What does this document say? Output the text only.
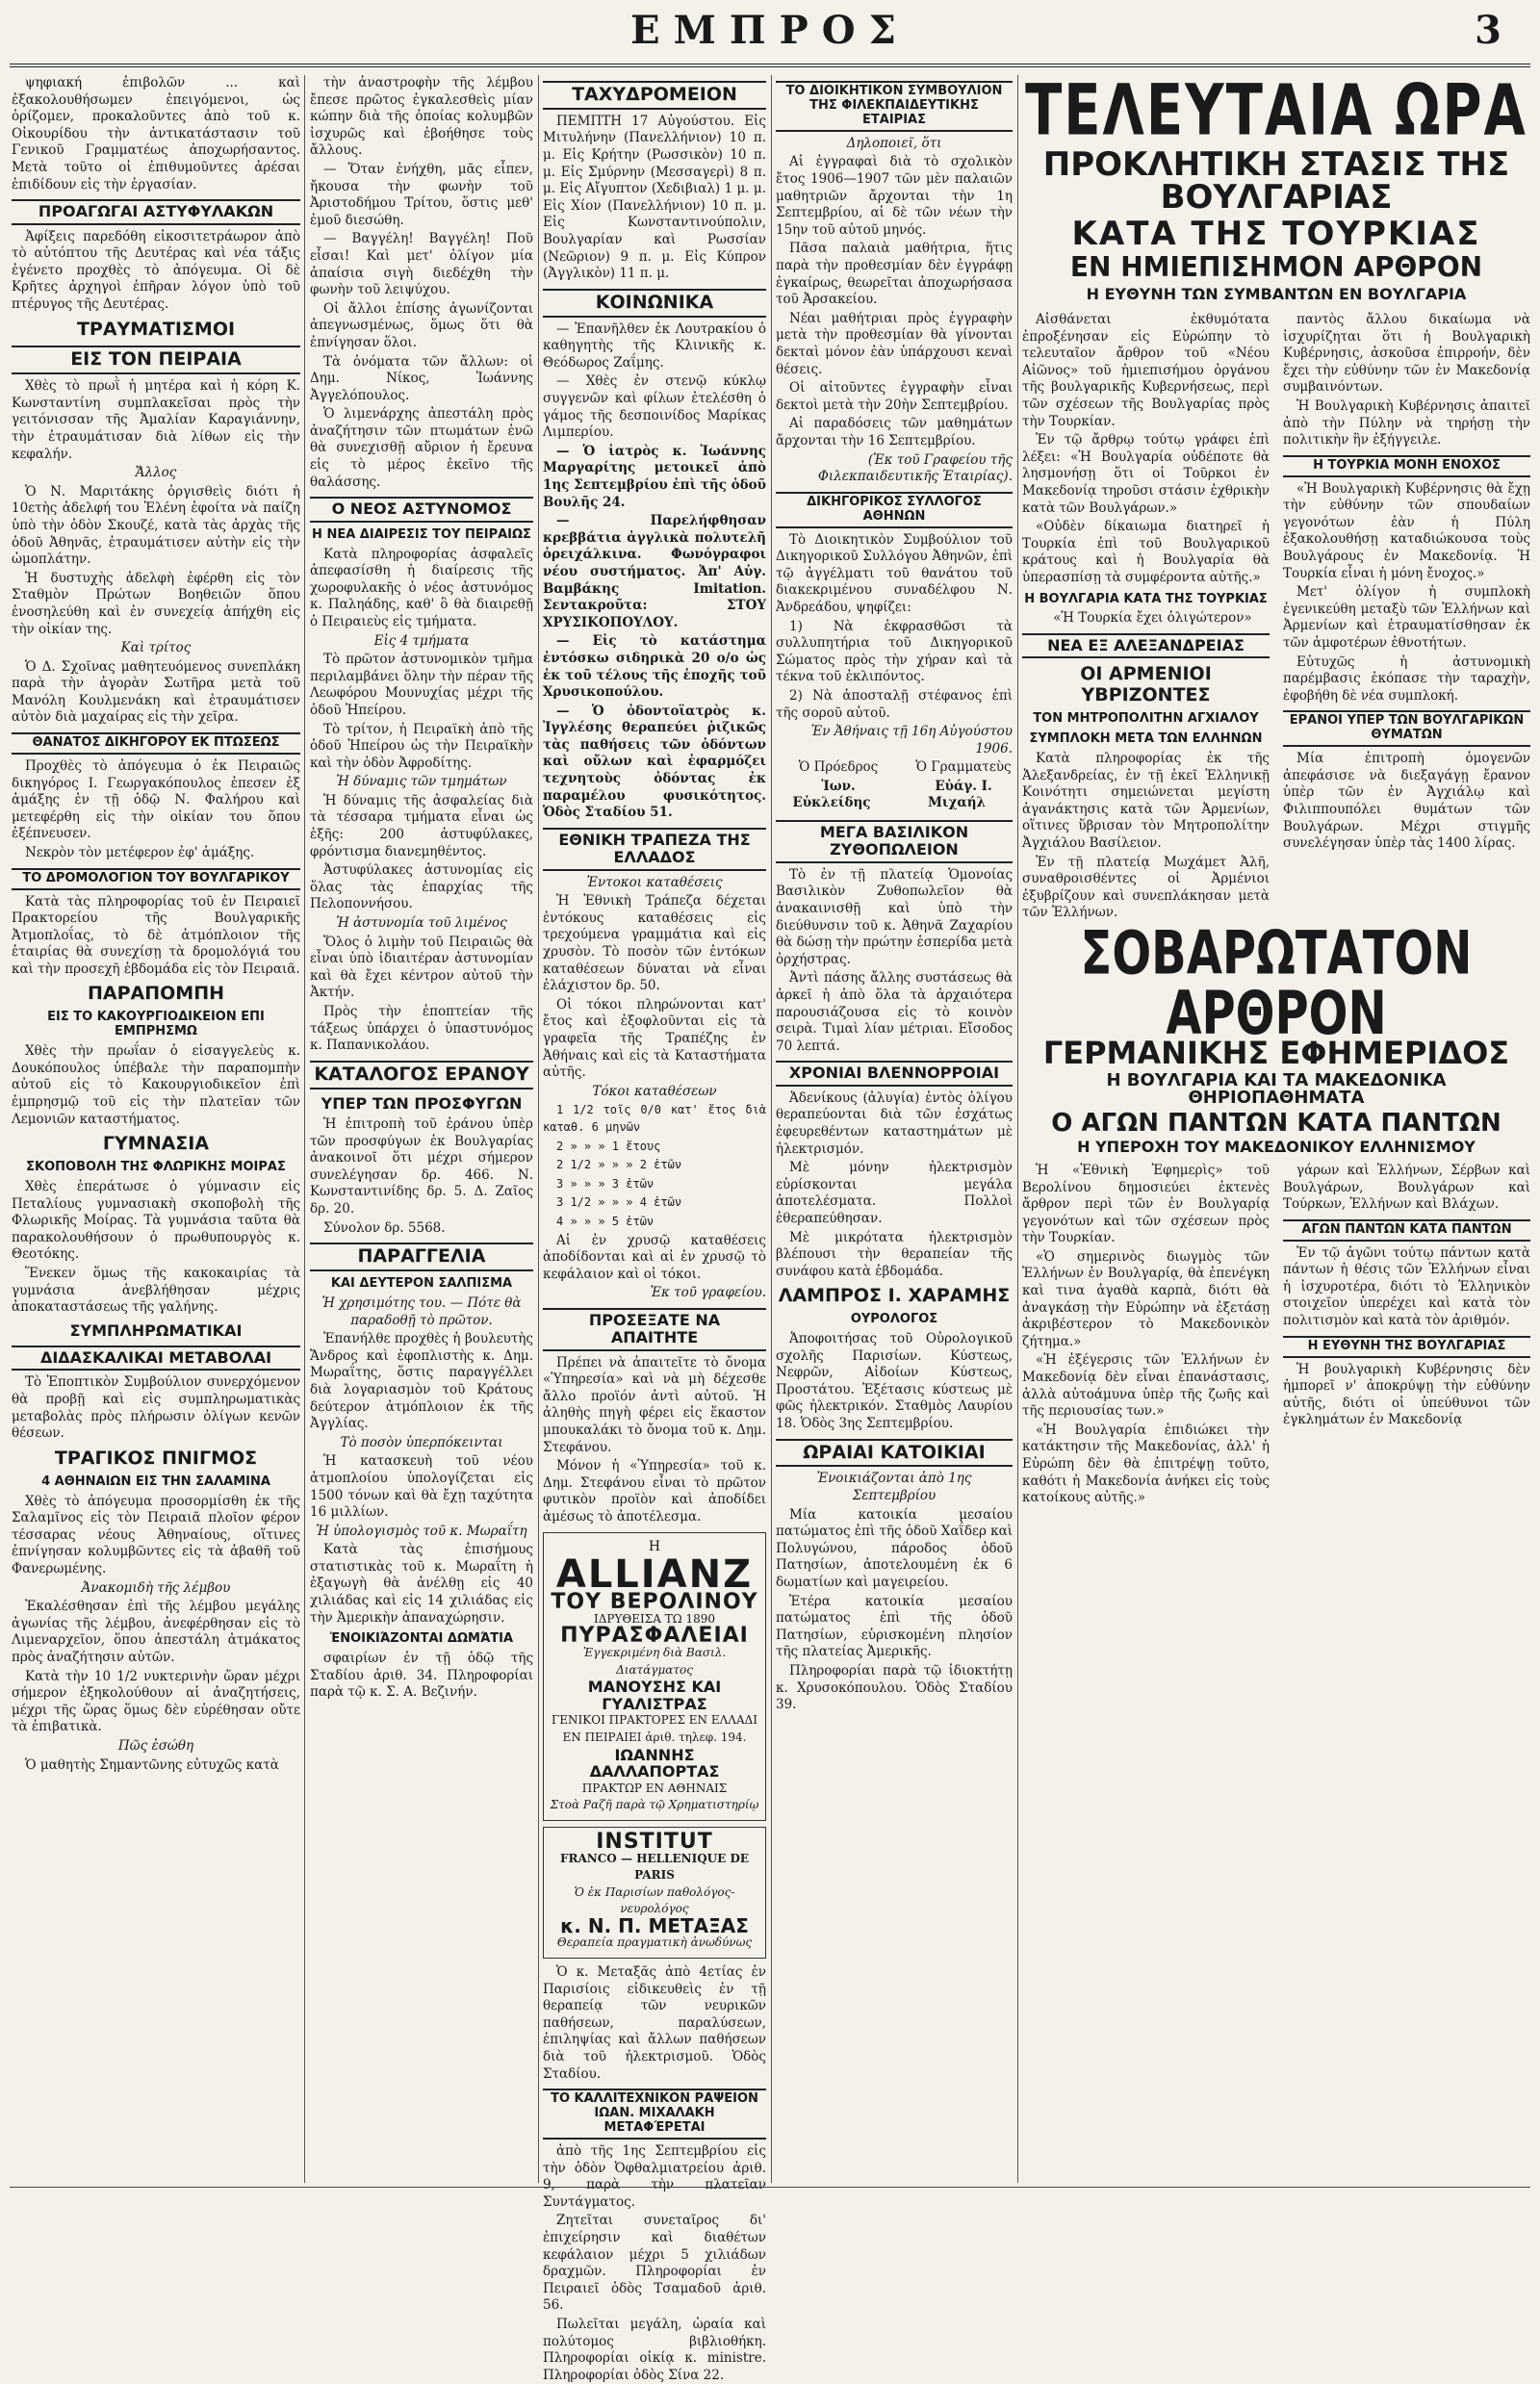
ΕΜΠΡΟΣ	3

ψηφιακή ἐπιβολῶν ... καὶ ἐξακολουθήσωμεν ἐπειγόμενοι, ὡς ὁρίζομεν, προκαλοῦντες ἀπὸ τοῦ κ. Οἰκουρίδου τὴν ἀντικατάστασιν τοῦ Γενικοῦ Γραμματέως ἀποχωρήσαντος. Μετὰ τοῦτο οἱ ἐπιθυμοῦντες ἀρέσαι ἐπιδίδουν εἰς τὴν ἐργασίαν.

ΠΡΟΑΓΩΓΑΙ ΑΣΤΥΦΥΛΑΚΩΝ

Ἀφίξεις παρεδόθη εἰκοσιτετράωρον ἀπὸ τὸ αὐτόπτου τῆς Δευτέρας καὶ νέα τάξις ἐγένετο προχθὲς τὸ ἀπόγευμα. Οἱ δὲ Κρῆτες ἀρχηγοὶ ἐπῆραν λόγον ὑπὸ τοῦ πτέρυγος τῆς Δευτέρας.

ΤΡΑΥΜΑΤΙΣΜΟΙ
ΕΙΣ ΤΟΝ ΠΕΙΡΑΙΑ

Χθὲς τὸ πρωῒ ἡ μητέρα καὶ ἡ κόρη Κ. Κωνσταντίνη συμπλακεῖσαι πρὸς τὴν γειτόνισσαν τῆς Ἀμαλίαν Καραγιάννην, τὴν ἐτραυμάτισαν διὰ λίθων εἰς τὴν κεφαλήν.

Ἄλλος

Ὁ Ν. Μαριτάκης ὀργισθεὶς διότι ἡ 10ετὴς ἀδελφή του Ἑλένη ἐφοίτα νὰ παίζη ὑπὸ τὴν ὁδὸν Σκουζέ, κατὰ τὰς ἀρχὰς τῆς ὁδοῦ Ἀθηνᾶς, ἐτραυμάτισεν αὐτὴν εἰς τὴν ὠμοπλάτην.

Ἡ δυστυχὴς ἀδελφὴ ἐφέρθη εἰς τὸν Σταθμὸν Πρώτων Βοηθειῶν ὅπου ἐνοσηλεύθη καὶ ἐν συνεχείᾳ ἀπήχθη εἰς τὴν οἰκίαν της.

Καὶ τρίτος

Ὁ Δ. Σχοῖνας μαθητευόμενος συνεπλάκη παρὰ τὴν ἀγορὰν Σωτῆρα μετὰ τοῦ Μανόλη Κουλμενάκη καὶ ἐτραυμάτισεν αὐτὸν διὰ μαχαίρας εἰς τὴν χεῖρα.

ΘΑΝΑΤΟΣ ΔΙΚΗΓΟΡΟΥ ΕΚ ΠΤΩΣΕΩΣ

Προχθὲς τὸ ἀπόγευμα ὁ ἐκ Πειραιῶς δικηγόρος Ι. Γεωργακόπουλος ἐπεσεν ἐξ ἁμάξης ἐν τῇ ὁδῷ Ν. Φαλήρου καὶ μετεφέρθη εἰς τὴν οἰκίαν του ὅπου ἐξέπνευσεν.

Νεκρὸν τὸν μετέφερον ἐφ' ἁμάξης.

ΤΟ ΔΡΟΜΟΛΟΓΙΟΝ ΤΟΥ ΒΟΥΛΓΑΡΙΚΟΥ

Κατὰ τὰς πληροφορίας τοῦ ἐν Πειραιεῖ Πρακτορείου τῆς Βουλγαρικῆς Ἀτμοπλοΐας, τὸ δὲ ἀτμόπλοιον τῆς ἑταιρίας θὰ συνεχίσῃ τὰ δρομολόγιά του καὶ τὴν προσεχῆ ἑβδομάδα εἰς τὸν Πειραιᾶ.

ΠΑΡΑΠΟΜΠΗ
ΕΙΣ ΤΟ ΚΑΚΟΥΡΓΙΟΔΙΚΕΙΟΝ ΕΠΙ ΕΜΠΡΗΣΜΩ

Χθὲς τὴν πρωΐαν ὁ εἰσαγγελεὺς κ. Δουκόπουλος ὑπέβαλε τὴν παραπομπὴν αὐτοῦ εἰς τὸ Κακουργιοδικεῖον ἐπὶ ἐμπρησμῷ τοῦ εἰς τὴν πλατεῖαν τῶν Λεμονιῶν καταστήματος.

ΓΥΜΝΑΣΙΑ
ΣΚΟΠΟΒΟΛΗ ΤΗΣ ΦΛΩΡΙΚΗΣ ΜΟΙΡΑΣ

Χθὲς ἐπεράτωσε ὁ γύμνασιν εἰς Πεταλίους γυμνασιακὴ σκοποβολὴ τῆς Φλωρικῆς Μοίρας. Τὰ γυμνάσια ταῦτα θὰ παρακολουθήσουν ὁ πρωθυπουργὸς κ. Θεοτόκης.

Ἕνεκεν ὅμως τῆς κακοκαιρίας τὰ γυμνάσια ἀνεβλήθησαν μέχρις ἀποκαταστάσεως τῆς γαλήνης.

ΣΥΜΠΛΗΡΩΜΑΤΙΚΑΙ
ΔΙΔΑΣΚΑΛΙΚΑΙ ΜΕΤΑΒΟΛΑΙ

Τὸ Ἐποπτικὸν Συμβούλιον συνερχόμενον θὰ προβῇ καὶ εἰς συμπληρωματικὰς μεταβολὰς πρὸς πλήρωσιν ὀλίγων κενῶν θέσεων.

ΤΡΑΓΙΚΟΣ ΠΝΙΓΜΟΣ
4 ΑΘΗΝΑΙΩΝ ΕΙΣ ΤΗΝ ΣΑΛΑΜΙΝΑ

Χθὲς τὸ ἀπόγευμα προσορμίσθη ἐκ τῆς Σαλαμῖνος εἰς τὸν Πειραιᾶ πλοῖον φέρον τέσσαρας νέους Ἀθηναίους, οἵτινες ἐπνίγησαν κολυμβῶντες εἰς τὰ ἀβαθῆ τοῦ Φανερωμένης.

Ἀνακομιδὴ τῆς λέμβου

Ἐκαλέσθησαν ἐπὶ τῆς λέμβου μεγάλης ἀγωνίας τῆς λέμβου, ἀνεφέρθησαν εἰς τὸ Λιμεναρχεῖον, ὅπου ἀπεστάλη ἀτμάκατος πρὸς ἀναζήτησιν αὐτῶν.

Κατὰ τὴν 10 1/2 νυκτερινὴν ὥραν μέχρι σήμερον ἐξηκολούθουν αἱ ἀναζητήσεις, μέχρι τῆς ὥρας ὅμως δὲν εὑρέθησαν οὔτε τὰ ἐπιβατικὰ.

Πῶς ἐσώθη

Ὁ μαθητὴς Σημαντῶνης εὐτυχῶς κατὰ

τὴν ἀναστροφὴν τῆς λέμβου ἔπεσε πρῶτος ἐγκαλεσθεὶς μίαν κώπην διὰ τῆς ὁποίας κολυμβῶν ἰσχυρῶς καὶ ἐβοήθησε τοὺς ἄλλους.

— Ὅταν ἐνήχθη, μᾶς εἶπεν, ἤκουσα τὴν φωνὴν τοῦ Ἀριστοδήμου Τρίτου, ὅστις μεθ' ἐμοῦ διεσώθη.

— Βαγγέλη! Βαγγέλη! Ποῦ εἶσαι! Καὶ μετ' ὀλίγον μία ἀπαίσια σιγὴ διεδέχθη τὴν φωνὴν τοῦ λειψύχου.

Οἱ ἄλλοι ἐπίσης ἀγωνίζονται ἀπεγνωσμένως, ὅμως ὅτι θὰ ἐπνίγησαν ὅλοι.

Τὰ ὀνόματα τῶν ἄλλων: οἱ Δημ. Νίκος, Ἰωάννης Ἀγγελόπουλος.

Ὁ λιμενάρχης ἀπεστάλη πρὸς ἀναζήτησιν τῶν πτωμάτων ἐνῶ θὰ συνεχισθῇ αὔριον ἡ ἔρευνα εἰς τὸ μέρος ἐκεῖνο τῆς θαλάσσης.

Ο ΝΕΟΣ ΑΣΤΥΝΟΜΟΣ
Η ΝΕΑ ΔΙΑΙΡΕΣΙΣ ΤΟΥ ΠΕΙΡΑΙΩΣ

Κατὰ πληροφορίας ἀσφαλεῖς ἀπεφασίσθη ἡ διαίρεσις τῆς χωροφυλακῆς ὁ νέος ἀστυνόμος κ. Παληάδης, καθ' ὃ θὰ διαιρεθῇ ὁ Πειραιεὺς εἰς τμήματα.

Εἰς 4 τμήματα

Τὸ πρῶτον ἀστυνομικὸν τμῆμα περιλαμβάνει ὅλην τὴν πέραν τῆς Λεωφόρου Μουνυχίας μέχρι τῆς ὁδοῦ Ἠπείρου.

Τὸ τρίτον, ἡ Πειραϊκὴ ἀπὸ τῆς ὁδοῦ Ἠπείρου ὡς τὴν Πειραϊκὴν καὶ τὴν ὁδὸν Ἀφροδίτης.

Ἡ δύναμις τῶν τμημάτων

Ἡ δύναμις τῆς ἀσφαλείας διὰ τὰ τέσσαρα τμήματα εἶναι ὡς ἑξῆς: 200 ἀστυφύλακες, φρόντισμα διανεμηθέντος.

Ἀστυφύλακες ἀστυνομίας εἰς ὅλας τὰς ἐπαρχίας τῆς Πελοποννήσου.

Ἡ ἀστυνομία τοῦ λιμένος

Ὅλος ὁ λιμὴν τοῦ Πειραιῶς θὰ εἶναι ὑπὸ ἰδιαιτέραν ἀστυνομίαν καὶ θὰ ἔχει κέντρον αὐτοῦ τὴν Ἀκτήν.

Πρὸς τὴν ἐποπτείαν τῆς τάξεως ὑπάρχει ὁ ὑπαστυνόμος κ. Παπανικολάου.

ΚΑΤΑΛΟΓΟΣ ΕΡΑΝΟΥ
ΥΠΕΡ ΤΩΝ ΠΡΟΣΦΥΓΩΝ

Ἡ ἐπιτροπὴ τοῦ ἐράνου ὑπὲρ τῶν προσφύγων ἐκ Βουλγαρίας ἀνακοινοῖ ὅτι μέχρι σήμερον συνελέγησαν δρ. 466. Ν. Κωνσταντινίδης δρ. 5. Δ. Ζαῖος δρ. 20.

Σύνολον δρ. 5568.

ΠΑΡΑΓΓΕΛΙΑ
ΚΑΙ ΔΕΥΤΕΡΟΝ ΣΑΛΠΙΣΜΑ
Ἡ χρησιμότης του. — Πότε θὰ παραδοθῇ τὸ πρῶτον.

Ἐπανήλθε προχθὲς ἡ βουλευτὴς Ἄνδρος καὶ ἐφοπλιστὴς κ. Δημ. Μωραΐτης, ὅστις παραγγέλλει διὰ λογαριασμὸν τοῦ Κράτους δεύτερον ἀτμόπλοιον ἐκ τῆς Ἀγγλίας.

Τὸ ποσὸν ὑπερπόκεινται

Ἡ κατασκευὴ τοῦ νέου ἀτμοπλοίου ὑπολογίζεται εἰς 1500 τόνων καὶ θὰ ἔχῃ ταχύτητα 16 μιλλίων.

Ἡ ὑπολογισμὸς τοῦ κ. Μωραΐτη

Κατὰ τὰς ἐπισήμους στατιστικὰς τοῦ κ. Μωραΐτη ἡ ἐξαγωγὴ θὰ ἀνέλθῃ εἰς 40 χιλιάδας καὶ εἰς 14 χιλιάδας εἰς τὴν Ἀμερικὴν ἀπαναχώρησιν.

ἘΝΟΙΚΙΆΖΟΝΤΑΙ ΔΩΜΆΤΙΑ

σφαιρίων ἐν τῇ ὁδῷ τῆς Σταδίου ἀριθ. 34. Πληροφορίαι παρὰ τῷ κ. Σ. Α. Βεζινήν.

ΤΑΧΥΔΡΟΜΕΙΟΝ

ΠΕΜΠΤΗ 17 Αὐγούστου. Εἰς Μιτυλήνην (Πανελλήνιον) 10 π. μ. Εἰς Κρήτην (Ρωσσικὸν) 10 π. μ. Εἰς Σμύρνην (Μεσσαγερὶ) 8 π. μ. Εἰς Αἴγυπτον (Χεδιβιαλ) 1 μ. μ. Εἰς Χίον (Πανελλήνιον) 10 π. μ. Εἰς Κωνσταντινούπολιν, Βουλγαρίαν καὶ Ρωσσίαν (Νεῶριον) 9 π. μ. Εἰς Κύπρον (Ἀγγλικὸν) 11 π. μ.

ΚΟΙΝΩΝΙΚΑ

— Ἐπανῆλθεν ἐκ Λουτρακίου ὁ καθηγητὴς τῆς Κλινικῆς κ. Θεόδωρος Ζαΐμης.

— Χθὲς ἐν στενῷ κύκλῳ συγγενῶν καὶ φίλων ἐτελέσθη ὁ γάμος τῆς δεσποινίδος Μαρίκας Λιμπερίου.

— Ὁ ἰατρὸς κ. Ἰωάννης Μαργαρίτης μετοικεῖ ἀπὸ 1ης Σεπτεμβρίου ἐπὶ τῆς ὁδοῦ Βουλῆς 24.

— Παρελήφθησαν κρεββάτια ἀγγλικὰ πολυτελῆ ὀρειχάλκινα. Φωνόγραφοι νέου συστήματος. Ἀπ' Αὐγ. Βαμβάκης Imitation. Σεντακροῦτα: ΣΤΟΥ ΧΡΥΣΙΚΟΠΟΥΛΟΥ.

— Εἰς τὸ κατάστημα ἐντόσκω σιδηρικὰ 20 ο/ο ὡς ἐκ τοῦ τέλους τῆς ἐποχῆς τοῦ Χρυσικοπούλου.

— Ὁ ὀδοντοϊατρὸς κ. Ἰγγλέσης θεραπεύει ῥιζικῶς τὰς παθήσεις τῶν ὀδόντων καὶ οὔλων καὶ ἐφαρμόζει τεχνητοὺς ὀδόντας ἐκ παραμέλου φυσικότητος. Ὁδὸς Σταδίου 51.

ΕΘΝΙΚΗ ΤΡΑΠΕΖΑ ΤΗΣ ΕΛΛΑΔΟΣ
Ἐντοκοι καταθέσεις

Ἡ Ἐθνικὴ Τράπεζα δέχεται ἐντόκους καταθέσεις εἰς τρεχούμενα γραμμάτια καὶ εἰς χρυσὸν. Τὸ ποσὸν τῶν ἐντόκων καταθέσεων δύναται νὰ εἶναι ἐλάχιστον δρ. 50.

Οἱ τόκοι πληρώνονται κατ' ἔτος καὶ ἐξοφλοῦνται εἰς τὰ γραφεῖα τῆς Τραπέζης ἐν Ἀθήναις καὶ εἰς τὰ Καταστήματα αὐτῆς.

Τόκοι καταθέσεων

1 1/2 τοῖς 0/0 κατ' ἔτος διὰ καταθ. 6 μηνῶν

2 » » » 1 ἔτους

2 1/2 » » » 2 ἐτῶν

3 » » » 3 ἐτῶν

3 1/2 » » » 4 ἐτῶν

4 » » » 5 ἐτῶν

Αἱ ἐν χρυσῷ καταθέσεις ἀποδίδονται καὶ αἱ ἐν χρυσῷ τὸ κεφάλαιον καὶ οἱ τόκοι.

Ἐκ τοῦ γραφείου.

ΠΡΟΣΕΞΑΤΕ ΝΑ ΑΠΑΙΤΗΤΕ

Πρέπει νὰ ἀπαιτεῖτε τὸ ὄνομα «Ὑπηρεσία» καὶ νὰ μὴ δέχεσθε ἄλλο προϊόν ἀντὶ αὐτοῦ. Ἡ ἀληθὴς πηγὴ φέρει εἰς ἕκαστον μπουκαλάκι τὸ ὄνομα τοῦ κ. Δημ. Στεφάνου.

Μόνον ἡ «Ὑπηρεσία» τοῦ κ. Δημ. Στεφάνου εἶναι τὸ πρῶτον φυτικὸν προϊὸν καὶ ἀποδίδει ἀμέσως τὸ ἀποτέλεσμα.

Η
ALLIANZ
ΤΟΥ ΒΕΡΟΛΙΝΟΥ
ΙΔΡΥΘΕΙΣΑ ΤΩ 1890
ΠΥΡΑΣΦΑΛΕΙΑΙ
Ἐγγεκριμένη διὰ Βασιλ. Διατάγματος
ΜΑΝΟΥΣΗΣ ΚΑΙ ΓΥΑΛΙΣΤΡΑΣ
ΓΕΝΙΚΟΙ ΠΡΑΚΤΟΡΕΣ ΕΝ ΕΛΛΑΔΙ
ΕΝ ΠΕΙΡΑΙΕΙ ἀριθ. τηλεφ. 194.
ΙΩΑΝΝΗΣ ΔΑΛΛΑΠΟΡΤΑΣ
ΠΡΑΚΤΩΡ ΕΝ ΑΘΗΝΑΙΣ
Στοὰ Ραζῆ παρὰ τῷ Χρηματιστηρίῳ
INSTITUT
FRANCO — HELLENIQUE DE PARIS
Ὁ ἐκ Παρισίων παθολόγος-νευρολόγος
κ. Ν. Π. ΜΕΤΑΞΑΣ
Θεραπεία πραγματικὴ ἀνωδύνως

Ὁ κ. Μεταξᾶς ἀπὸ 4ετίας ἐν Παρισίοις εἰδικευθεὶς ἐν τῇ θεραπείᾳ τῶν νευρικῶν παθήσεων, παραλύσεων, ἐπιληψίας καὶ ἄλλων παθήσεων διὰ τοῦ ἠλεκτρισμοῦ. Ὁδὸς Σταδίου.

ΤΟ ΚΑΛΛΙΤΕΧΝΙΚΟΝ ΡΑΨΕΙΟΝ ΙΩΑΝ. ΜΙΧΑΛΑΚΗ ΜΕΤΑΦΈΡΕΤΑΙ

ἀπὸ τῆς 1ης Σεπτεμβρίου εἰς τὴν ὁδὸν Ὀφθαλμιατρείου ἀριθ. 9, παρὰ τὴν πλατεῖαν Συντάγματος.

Ζητεῖται συνεταῖρος δι' ἐπιχείρησιν καὶ διαθέτων κεφάλαιον μέχρι 5 χιλιάδων δραχμῶν. Πληροφορίαι ἐν Πειραιεῖ ὁδὸς Τσαμαδοῦ ἀριθ. 56.

Πωλεῖται μεγάλη, ὡραία καὶ πολύτομος βιβλιοθήκη. Πληροφορίαι οἰκίᾳ κ. ministre. Πληροφορίαι ὁδὸς Σίνα 22.

ΤΟ ΔΙΟΙΚΗΤΙΚΟΝ ΣΥΜΒΟΥΛΙΟΝ ΤΗΣ ΦΙΛΕΚΠΑΙΔΕΥΤΙΚΗΣ ΕΤΑΙΡΙΑΣ
Δηλοποιεῖ, ὅτι

Αἱ ἐγγραφαὶ διὰ τὸ σχολικὸν ἔτος 1906—1907 τῶν μὲν παλαιῶν μαθητριῶν ἄρχονται τὴν 1η Σεπτεμβρίου, αἱ δὲ τῶν νέων τὴν 15ην τοῦ αὐτοῦ μηνός.

Πᾶσα παλαιὰ μαθήτρια, ἥτις παρὰ τὴν προθεσμίαν δὲν ἐγγράφῃ ἐγκαίρως, θεωρεῖται ἀποχωρήσασα τοῦ Ἀρσακείου.

Νέαι μαθήτριαι πρὸς ἐγγραφὴν μετὰ τὴν προθεσμίαν θὰ γίνονται δεκταὶ μόνον ἐὰν ὑπάρχουσι κεναὶ θέσεις.

Οἱ αἰτοῦντες ἐγγραφὴν εἶναι δεκτοὶ μετὰ τὴν 20ὴν Σεπτεμβρίου.

Αἱ παραδόσεις τῶν μαθημάτων ἄρχονται τὴν 16 Σεπτεμβρίου.

(Ἐκ τοῦ Γραφείου τῆς Φιλεκπαιδευτικῆς Ἑταιρίας).

ΔΙΚΗΓΟΡΙΚΟΣ ΣΥΛΛΟΓΟΣ ΑΘΗΝΩΝ

Τὸ Διοικητικὸν Συμβούλιον τοῦ Δικηγορικοῦ Συλλόγου Ἀθηνῶν, ἐπὶ τῷ ἀγγέλματι τοῦ θανάτου τοῦ διακεκριμένου συναδέλφου Ν. Ἀνδρεάδου, ψηφίζει:

1) Νὰ ἐκφρασθῶσι τὰ συλλυπητήρια τοῦ Δικηγορικοῦ Σώματος πρὸς τὴν χήραν καὶ τὰ τέκνα τοῦ ἐκλιπόντος.

2) Νὰ ἀποσταλῇ στέφανος ἐπὶ τῆς σοροῦ αὐτοῦ.

Ἐν Ἀθήναις τῇ 16η Αὐγούστου 1906.

Ὁ Πρόεδρος

Ἰων. Εὐκλείδης

Ὁ Γραμματεὺς

Εὐάγ. Ι. Μιχαήλ

ΜΕΓΑ ΒΑΣΙΛΙΚΟΝ ΖΥΘΟΠΩΛΕΙΟΝ

Τὸ ἐν τῇ πλατείᾳ Ὁμονοίας Βασιλικὸν Ζυθοπωλεῖον θὰ ἀνακαινισθῇ καὶ ὑπὸ τὴν διεύθυνσιν τοῦ κ. Ἀθηνᾶ Ζαχαρίου θὰ δώσῃ τὴν πρώτην ἑσπερίδα μετὰ ὀρχήστρας.

Ἀντὶ πάσης ἄλλης συστάσεως θὰ ἀρκεῖ ἡ ἀπὸ ὅλα τὰ ἀρχαιότερα παρουσιάζουσα εἰς τὸ κοινὸν σειρὰ. Τιμαὶ λίαν μέτριαι. Εἴσοδος 70 λεπτά.

ΧΡΟΝΙΑΙ ΒΛΕΝΝΟΡΡΟΙΑΙ

Ἀδενίκους (ἀλυγία) ἐντὸς ὀλίγου θεραπεύονται διὰ τῶν ἐσχάτως ἐφευρεθέντων καταστημάτων μὲ ἠλεκτρισμόν.

Μὲ μόνην ἠλεκτρισμὸν εὑρίσκονται μεγάλα ἀποτελέσματα. Πολλοὶ ἐθεραπεύθησαν.

Μὲ μικρότατα ἠλεκτρισμὸν βλέπουσι τὴν θεραπείαν τῆς συνάφου κατὰ ἑβδομάδα.

ΛΑΜΠΡΟΣ Ι. ΧΑΡΑΜΗΣ
ΟΥΡΟΛΟΓΟΣ

Ἀποφοιτήσας τοῦ Οὐρολογικοῦ σχολῆς Παρισίων. Κύστεως, Νεφρῶν, Αἰδοίων Κύστεως, Προστάτου. Ἐξέτασις κύστεως μὲ φῶς ἠλεκτρικόν. Σταθμὸς Λαυρίου 18. Ὁδὸς 3ης Σεπτεμβρίου.

ΩΡΑΙΑΙ ΚΑΤΟΙΚΙΑΙ
Ἐνοικιάζονται ἀπὸ 1ης Σεπτεμβρίου

Μία κατοικία μεσαίου πατώματος ἐπὶ τῆς ὁδοῦ Χαΐδερ καὶ Πολυγώνου, πάροδος ὁδοῦ Πατησίων, ἀποτελουμένη ἐκ 6 δωματίων καὶ μαγειρείου.

Ἑτέρα κατοικία μεσαίου πατώματος ἐπὶ τῆς ὁδοῦ Πατησίων, εὑρισκομένη πλησίον τῆς πλατείας Ἀμερικῆς.

Πληροφορίαι παρὰ τῷ ἰδιοκτήτῃ κ. Χρυσοκόπουλου. Ὁδὸς Σταδίου 39.

ΤΕΛΕΥΤΑΙΑ ΩΡΑ
ΠΡΟΚΛΗΤΙΚΗ ΣΤΑΣΙΣ ΤΗΣ ΒΟΥΛΓΑΡΙΑΣ
ΚΑΤΑ ΤΗΣ ΤΟΥΡΚΙΑΣ
ΕΝ ΗΜΙΕΠΙΣΗΜΟΝ ΑΡΘΡΟΝ
Η ΕΥΘΥΝΗ ΤΩΝ ΣΥΜΒΑΝΤΩΝ ΕΝ ΒΟΥΛΓΑΡΙΑ

Αἰσθάνεται ἐκθυμότατα ἐπροξένησαν εἰς Εὐρώπην τὸ τελευταῖον ἄρθρον τοῦ «Νέου Αἰῶνος» τοῦ ἡμιεπισήμου ὀργάνου τῆς βουλγαρικῆς Κυβερνήσεως, περὶ τῶν σχέσεων τῆς Βουλγαρίας πρὸς τὴν Τουρκίαν.

Ἐν τῷ ἄρθρῳ τούτῳ γράφει ἐπὶ λέξει: «Ἡ Βουλγαρία οὐδέποτε θὰ λησμονήσῃ ὅτι οἱ Τοῦρκοι ἐν Μακεδονίᾳ τηροῦσι στάσιν ἐχθρικὴν κατὰ τῶν Βουλγάρων.»

«Οὐδὲν δίκαιωμα διατηρεῖ ἡ Τουρκία ἐπὶ τοῦ Βουλγαρικοῦ κράτους καὶ ἡ Βουλγαρία θὰ ὑπερασπίσῃ τὰ συμφέροντα αὐτῆς.»

Η ΒΟΥΛΓΑΡΙΑ ΚΑΤΑ ΤΗΣ ΤΟΥΡΚΙΑΣ

«Ἡ Τουρκία ἔχει ὀλιγώτερον»

ΝΕΑ ΕΞ ΑΛΕΞΑΝΔΡΕΙΑΣ
ΟΙ ΑΡΜΕΝΙΟΙ ΥΒΡΙΖΟΝΤΕΣ
ΤΟΝ ΜΗΤΡΟΠΟΛΙΤΗΝ ΑΓΧΙΑΛΟΥ
ΣΥΜΠΛΟΚΗ ΜΕΤΑ ΤΩΝ ΕΛΛΗΝΩΝ

Κατὰ πληροφορίας ἐκ τῆς Ἀλεξανδρείας, ἐν τῇ ἐκεῖ Ἑλληνικῇ Κοινότητι σημειώνεται μεγίστη ἀγανάκτησις κατὰ τῶν Ἀρμενίων, οἵτινες ὕβρισαν τὸν Μητροπολίτην Ἀγχιάλου Βασίλειον.

Ἐν τῇ πλατείᾳ Μωχάμετ Ἀλῆ, συναθροισθέντες οἱ Ἀρμένιοι ἐξυβρίζουν καὶ συνεπλάκησαν μετὰ τῶν Ἑλλήνων.

παντὸς ἄλλου δικαίωμα νὰ ἰσχυρίζηται ὅτι ἡ Βουλγαρικὴ Κυβέρνησις, ἀσκοῦσα ἐπιρροήν, δὲν ἔχει τὴν εὐθύνην τῶν ἐν Μακεδονίᾳ συμβαινόντων.

Ἡ Βουλγαρικὴ Κυβέρνησις ἀπαιτεῖ ἀπὸ τὴν Πύλην νὰ τηρήσῃ τὴν πολιτικὴν ἣν ἐξήγγειλε.

Η ΤΟΥΡΚΙΑ ΜΟΝΗ ΕΝΟΧΟΣ

«Ἡ Βουλγαρικὴ Κυβέρνησις θὰ ἔχῃ τὴν εὐθύνην τῶν σπουδαίων γεγονότων ἐὰν ἡ Πύλη ἐξακολουθήσῃ καταδιώκουσα τοὺς Βουλγάρους ἐν Μακεδονίᾳ. Ἡ Τουρκία εἶναι ἡ μόνη ἔνοχος.»

Μετ' ὀλίγον ἡ συμπλοκὴ ἐγενικεύθη μεταξὺ τῶν Ἑλλήνων καὶ Ἀρμενίων καὶ ἐτραυματίσθησαν ἐκ τῶν ἀμφοτέρων ἐθνοτήτων.

Εὐτυχῶς ἡ ἀστυνομικὴ παρέμβασις ἐκόπασε τὴν ταραχὴν, ἐφοβήθη δὲ νέα συμπλοκή.

ΕΡΑΝΟΙ ΥΠΕΡ ΤΩΝ ΒΟΥΛΓΑΡΙΚΩΝ ΘΥΜΑΤΩΝ

Μία ἐπιτροπὴ ὁμογενῶν ἀπεφάσισε νὰ διεξαγάγῃ ἔρανον ὑπὲρ τῶν ἐν Ἀγχιάλῳ καὶ Φιλιππουπόλει θυμάτων τῶν Βουλγάρων. Μέχρι στιγμῆς συνελέγησαν ὑπὲρ τὰς 1400 λίρας.

ΣΟΒΑΡΩΤΑΤΟΝ ΑΡΘΡΟΝ
ΓΕΡΜΑΝΙΚΗΣ ΕΦΗΜΕΡΙΔΟΣ
Η ΒΟΥΛΓΑΡΙΑ ΚΑΙ ΤΑ ΜΑΚΕΔΟΝΙΚΑ ΘΗΡΙΟΠΑΘΗΜΑΤΑ
Ο ΑΓΩΝ ΠΑΝΤΩΝ ΚΑΤΑ ΠΑΝΤΩΝ
Η ΥΠΕΡΟΧΗ ΤΟΥ ΜΑΚΕΔΟΝΙΚΟΥ ΕΛΛΗΝΙΣΜΟΥ

Ἡ «Ἐθνικὴ Ἐφημερὶς» τοῦ Βερολίνου δημοσιεύει ἐκτενὲς ἄρθρον περὶ τῶν ἐν Βουλγαρίᾳ γεγονότων καὶ τῶν σχέσεων πρὸς τὴν Τουρκίαν.

«Ὁ σημερινὸς διωγμὸς τῶν Ἑλλήνων ἐν Βουλγαρίᾳ, θὰ ἐπενέγκη καὶ τινα ἀγαθὰ καρπὰ, διότι θὰ ἀναγκάσῃ τὴν Εὐρώπην νὰ ἐξετάσῃ ἀκριβέστερον τὸ Μακεδονικὸν ζήτημα.»

«Ἡ ἐξέγερσις τῶν Ἑλλήνων ἐν Μακεδονίᾳ δὲν εἶναι ἐπανάστασις, ἀλλὰ αὐτοάμυνα ὑπὲρ τῆς ζωῆς καὶ τῆς περιουσίας των.»

«Ἡ Βουλγαρία ἐπιδιώκει τὴν κατάκτησιν τῆς Μακεδονίας, ἀλλ' ἡ Εὐρώπη δὲν θὰ ἐπιτρέψῃ τοῦτο, καθότι ἡ Μακεδονία ἀνήκει εἰς τοὺς κατοίκους αὐτῆς.»

γάρων καὶ Ἑλλήνων, Σέρβων καὶ Βουλγάρων, Βουλγάρων καὶ Τούρκων, Ἑλλήνων καὶ Βλάχων.

ΑΓΩΝ ΠΑΝΤΩΝ ΚΑΤΑ ΠΑΝΤΩΝ

Ἐν τῷ ἀγῶνι τούτῳ πάντων κατὰ πάντων ἡ θέσις τῶν Ἑλλήνων εἶναι ἡ ἰσχυροτέρα, διότι τὸ Ἑλληνικὸν στοιχεῖον ὑπερέχει καὶ κατὰ τὸν πολιτισμὸν καὶ κατὰ τὸν ἀριθμόν.

Η ΕΥΘΥΝΗ ΤΗΣ ΒΟΥΛΓΑΡΙΑΣ

Ἡ βουλγαρικὴ Κυβέρνησις δὲν ἠμπορεῖ ν' ἀποκρύψῃ τὴν εὐθύνην αὐτῆς, διότι οἱ ὑπεύθυνοι τῶν ἐγκλημάτων ἐν Μακεδονίᾳ
